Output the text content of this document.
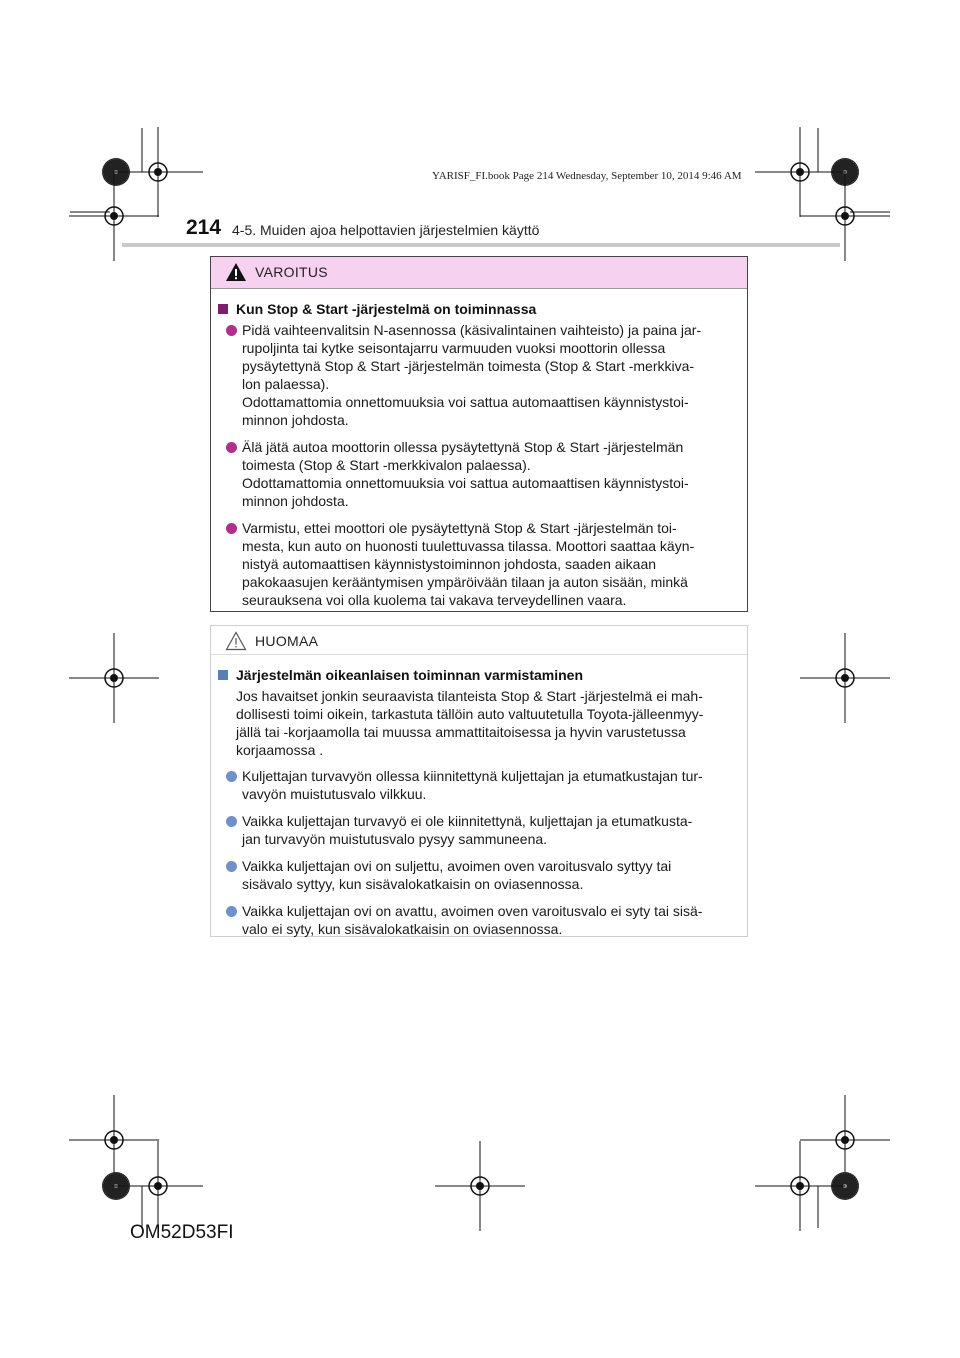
YARISF_FI.book Page 214 Wednesday, September 10, 2014 9:46 AM
214 4-5. Muiden ajoa helpottavien järjestelmien käyttö
VAROITUS
Kun Stop & Start -järjestelmä on toiminnassa
Pidä vaihteenvalitsin N-asennossa (käsivalintainen vaihteisto) ja paina jar-
rupoljinta tai kytke seisontajarru varmuuden vuoksi moottorin ollessa
pysäytettynä Stop & Start -järjestelmän toimesta (Stop & Start -merkkiva-
lon palaessa).
Odottamattomia onnettomuuksia voi sattua automaattisen käynnistystoi-
minnon johdosta.
Älä jätä autoa moottorin ollessa pysäytettynä Stop & Start -järjestelmän
toimesta (Stop & Start -merkkivalon palaessa).
Odottamattomia onnettomuuksia voi sattua automaattisen käynnistystoi-
minnon johdosta.
Varmistu, ettei moottori ole pysäytettynä Stop & Start -järjestelmän toi-
mesta, kun auto on huonosti tuulettuvassa tilassa. Moottori saattaa käyn-
nistyä automaattisen käynnistystoiminnon johdosta, saaden aikaan
pakokaasujen kerääntymisen ympäröivään tilaan ja auton sisään, minkä
seurauksena voi olla kuolema tai vakava terveydellinen vaara.
HUOMAA
Järjestelmän oikeanlaisen toiminnan varmistaminen
Jos havaitset jonkin seuraavista tilanteista Stop & Start -järjestelmä ei mah-
dollisesti toimi oikein, tarkastuta tällöin auto valtuutetulla Toyota-jälleenmyy-
jällä tai -korjaamolla tai muussa ammattitaitoisessa ja hyvin varustetussa
korjaamossa .
Kuljettajan turvavyön ollessa kiinnitettynä kuljettajan ja etumatkustajan tur-
vavyön muistutusvalo vilkkuu.
Vaikka kuljettajan turvavyö ei ole kiinnitettynä, kuljettajan ja etumatkusta-
jan turvavyön muistutusvalo pysyy sammuneena.
Vaikka kuljettajan ovi on suljettu, avoimen oven varoitusvalo syttyy tai
sisävalo syttyy, kun sisävalokatkaisin on oviasennossa.
Vaikka kuljettajan ovi on avattu, avoimen oven varoitusvalo ei syty tai sisä-
valo ei syty, kun sisävalokatkaisin on oviasennossa.
OM52D53FI
